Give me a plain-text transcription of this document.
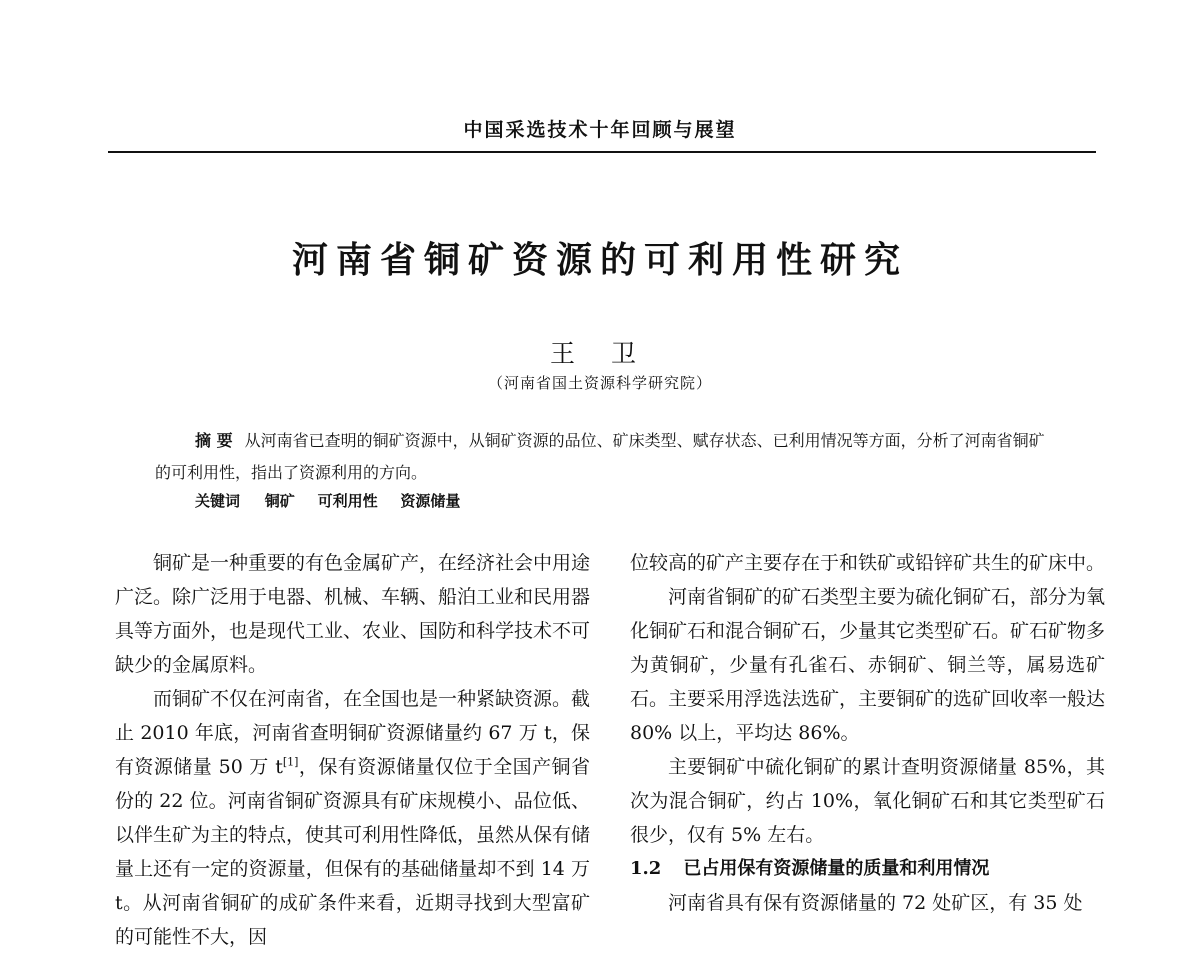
中国采选技术十年回顾与展望
河南省铜矿资源的可利用性研究
王 卫
（河南省国土资源科学研究院）
摘 要 从河南省已查明的铜矿资源中，从铜矿资源的品位、矿床类型、赋存状态、已利用情况等方面，分析了河南省铜矿的可利用性，指出了资源利用的方向。
关键词 铜矿 可利用性 资源储量

铜矿是一种重要的有色金属矿产，在经济社会中用途广泛。除广泛用于电器、机械、车辆、船泊工业和民用器具等方面外，也是现代工业、农业、国防和科学技术不可缺少的金属原料。

而铜矿不仅在河南省，在全国也是一种紧缺资源。截止 2010 年底，河南省查明铜矿资源储量约 67 万 t，保有资源储量 50 万 t[1]，保有资源储量仅位于全国产铜省份的 22 位。河南省铜矿资源具有矿床规模小、品位低、以伴生矿为主的特点，使其可利用性降低，虽然从保有储量上还有一定的资源量，但保有的基础储量却不到 14 万 t。从河南省铜矿的成矿条件来看，近期寻找到大型富矿的可能性不大，因

位较高的矿产主要存在于和铁矿或铅锌矿共生的矿床中。

河南省铜矿的矿石类型主要为硫化铜矿石，部分为氧化铜矿石和混合铜矿石，少量其它类型矿石。矿石矿物多为黄铜矿，少量有孔雀石、赤铜矿、铜兰等，属易选矿石。主要采用浮选法选矿，主要铜矿的选矿回收率一般达 80% 以上，平均达 86%。

主要铜矿中硫化铜矿的累计查明资源储量 85%，其次为混合铜矿，约占 10%，氧化铜矿石和其它类型矿石很少，仅有 5% 左右。

1.2 已占用保有资源储量的质量和利用情况

河南省具有保有资源储量的 72 处矿区，有 35 处
